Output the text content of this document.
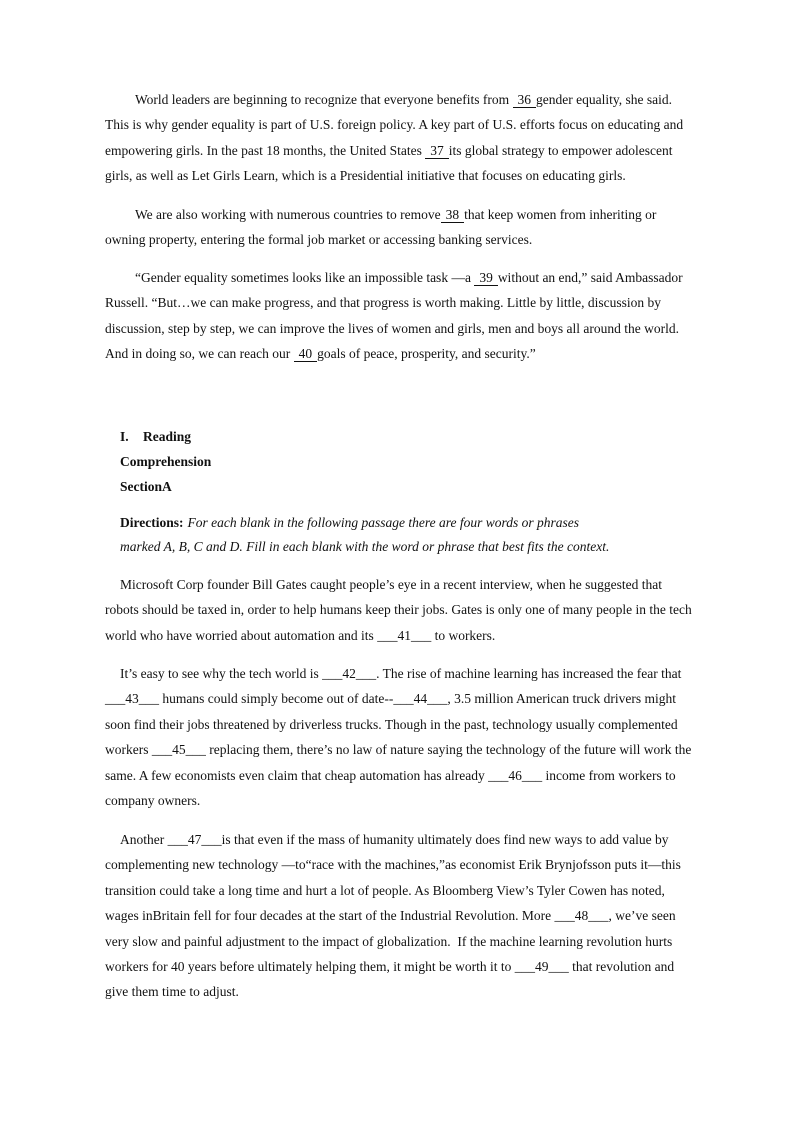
World leaders are beginning to recognize that everyone benefits from 36 gender equality, she said.
This is why gender equality is part of U.S. foreign policy. A key part of U.S. efforts focus on educating and
empowering girls. In the past 18 months, the United States 37 its global strategy to empower adolescent
girls, as well as Let Girls Learn, which is a Presidential initiative that focuses on educating girls.
We are also working with numerous countries to remove 38 that keep women from inheriting or
owning property, entering the formal job market or accessing banking services.
“Gender equality sometimes looks like an impossible task —a 39 without an end,” said Ambassador
Russell. “But…we can make progress, and that progress is worth making. Little by little, discussion by
discussion, step by step, we can improve the lives of women and girls, men and boys all around the world.
And in doing so, we can reach our 40 goals of peace, prosperity, and security.”
I. Reading
Comprehension
SectionA
Directions: For each blank in the following passage there are four words or phrases
marked A, B, C and D. Fill in each blank with the word or phrase that best fits the context.
Microsoft Corp founder Bill Gates caught people’s eye in a recent interview, when he suggested that
robots should be taxed in, order to help humans keep their jobs. Gates is only one of many people in the tech
world who have worried about automation and its ___41___ to workers.
It’s easy to see why the tech world is ___42___. The rise of machine learning has increased the fear that
___43___ humans could simply become out of date--___44___, 3.5 million American truck drivers might
soon find their jobs threatened by driverless trucks. Though in the past, technology usually complemented
workers ___45___ replacing them, there’s no law of nature saying the technology of the future will work the
same. A few economists even claim that cheap automation has already ___46___ income from workers to
company owners.
Another ___47___is that even if the mass of humanity ultimately does find new ways to add value by
complementing new technology —to“race with the machines,”as economist Erik Brynjofsson puts it—this
transition could take a long time and hurt a lot of people. As Bloomberg View’s Tyler Cowen has noted,
wages inBritain fell for four decades at the start of the Industrial Revolution. More ___48___, we’ve seen
very slow and painful adjustment to the impact of globalization.  If the machine learning revolution hurts
workers for 40 years before ultimately helping them, it might be worth it to ___49___ that revolution and
give them time to adjust.
